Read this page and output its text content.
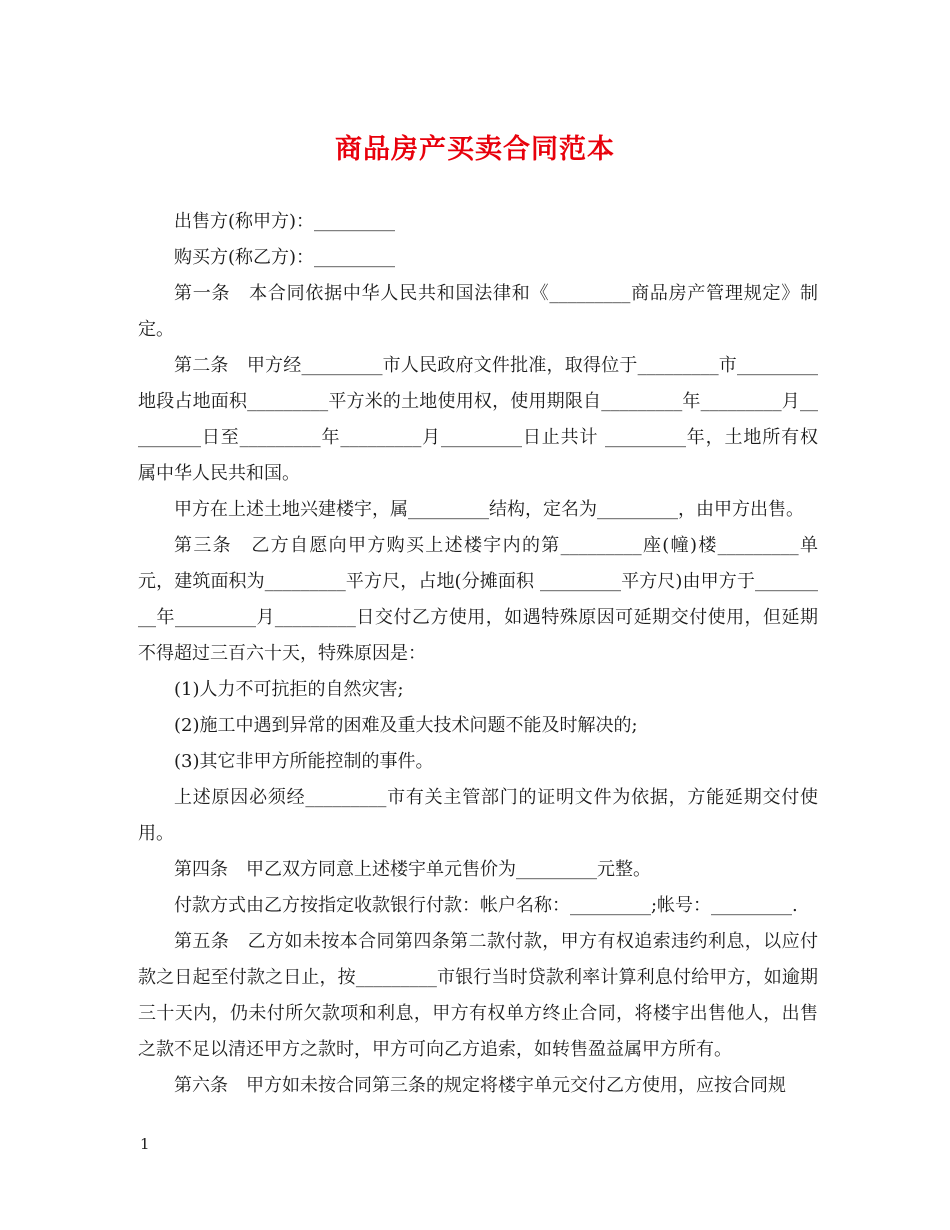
商品房产买卖合同范本

出售方(称甲方)：_________

购买方(称乙方)：_________

第一条　本合同依据中华人民共和国法律和《_________商品房产管理规定》制定。

第二条　甲方经_________市人民政府文件批准，取得位于_________市_________地段占地面积_________平方米的土地使用权，使用期限自_________年_________月_________日至_________年_________月_________日止共计 _________年，土地所有权属中华人民共和国。

甲方在上述土地兴建楼宇，属_________结构，定名为_________，由甲方出售。

第三条　乙方自愿向甲方购买上述楼宇内的第_________座(幢)楼_________单元，建筑面积为_________平方尺，占地(分摊面积 _________平方尺)由甲方于_________年_________月_________日交付乙方使用，如遇特殊原因可延期交付使用，但延期不得超过三百六十天，特殊原因是：

(1)人力不可抗拒的自然灾害;

(2)施工中遇到异常的困难及重大技术问题不能及时解决的;

(3)其它非甲方所能控制的事件。

上述原因必须经_________市有关主管部门的证明文件为依据，方能延期交付使用。

第四条　甲乙双方同意上述楼宇单元售价为_________元整。

付款方式由乙方按指定收款银行付款：帐户名称：_________;帐号：_________.

第五条　乙方如未按本合同第四条第二款付款，甲方有权追索违约利息，以应付款之日起至付款之日止，按_________市银行当时贷款利率计算利息付给甲方，如逾期三十天内，仍未付所欠款项和利息，甲方有权单方终止合同，将楼宇出售他人，出售之款不足以清还甲方之款时，甲方可向乙方追索，如转售盈益属甲方所有。

第六条　甲方如未按合同第三条的规定将楼宇单元交付乙方使用，应按合同规

1
